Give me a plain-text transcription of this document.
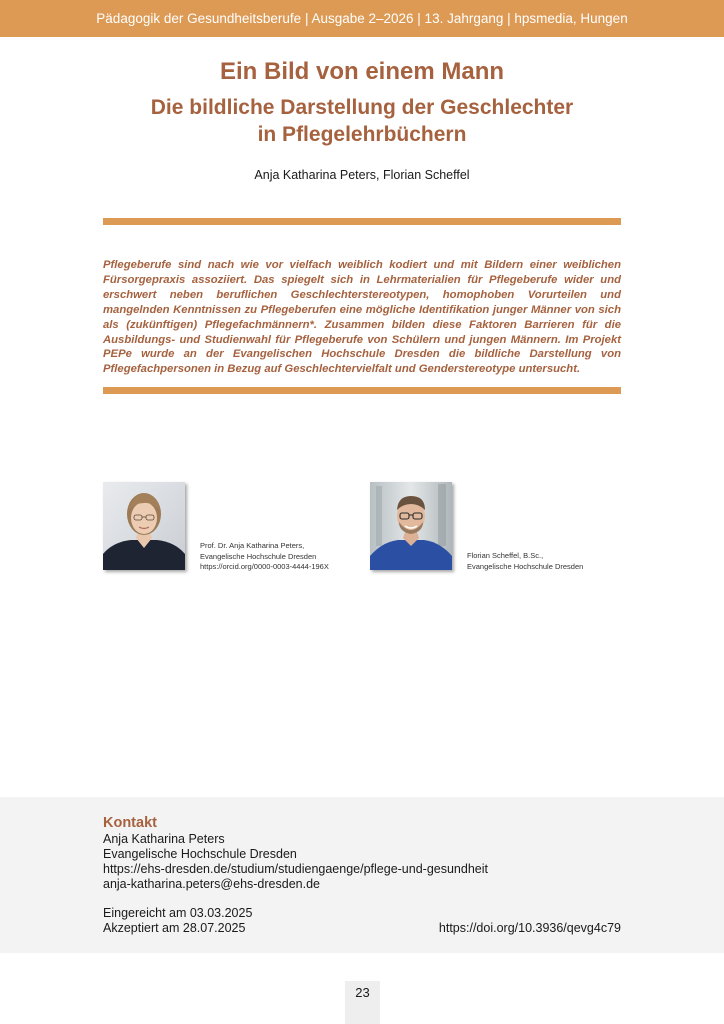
Pädagogik der Gesundheitsberufe | Ausgabe 2–2026 | 13. Jahrgang | hpsmedia, Hungen
Ein Bild von einem Mann
Die bildliche Darstellung der Geschlechter
in Pflegelehrbüchern
Anja Katharina Peters, Florian Scheffel

Pflegeberufe sind nach wie vor vielfach weiblich kodiert und mit Bildern einer weiblichen Fürsorgepraxis assoziiert. Das spiegelt sich in Lehrmaterialien für Pflegeberufe wider und erschwert neben beruflichen Geschlechterstereotypen, homophoben Vorurteilen und mangelnden Kenntnissen zu Pflegeberufen eine mögliche Identifikation junger Männer von sich als (zukünftigen) Pflegefachmännern*. Zusammen bilden diese Faktoren Barrieren für die Ausbildungs- und Studienwahl für Pflegeberufe von Schülern und jungen Männern. Im Projekt PEPe wurde an der Evangelischen Hochschule Dresden die bildliche Darstellung von Pflegefachpersonen in Bezug auf Geschlechtervielfalt und Genderstereotype untersucht.

Prof. Dr. Anja Katharina Peters,
Evangelische Hochschule Dresden
https://orcid.org/0000-0003-4444-196X
Florian Scheffel, B.Sc.,
Evangelische Hochschule Dresden
Kontakt
Anja Katharina Peters
Evangelische Hochschule Dresden
https://ehs-dresden.de/studium/studiengaenge/pflege-und-gesundheit
anja-katharina.peters@ehs-dresden.de
Eingereicht am 03.03.2025
Akzeptiert am 28.07.2025	https://doi.org/10.3936/qevg4c79
23
